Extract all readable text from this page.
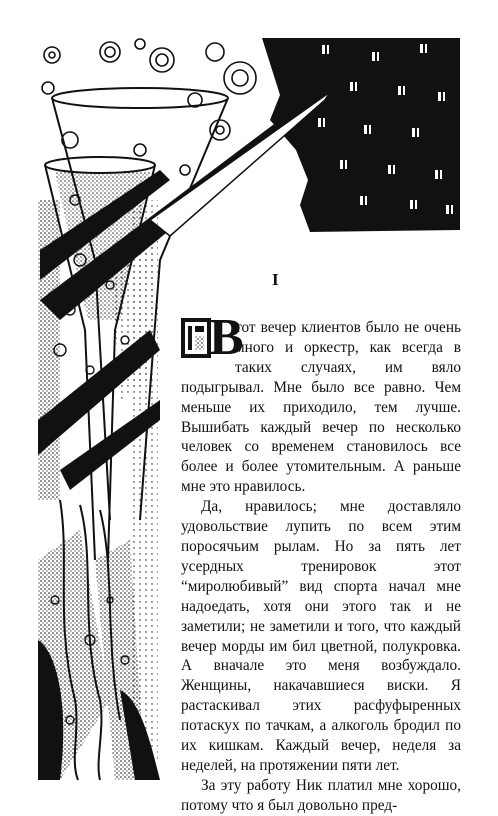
I

В
тот вечер клиентов было не очень много и оркестр, как всегда в таких случаях, им вяло подыгрывал. Мне было все равно. Чем меньше их приходило, тем лучше. Вышибать каждый вечер по несколько человек со временем становилось все более и более утомительным. А раньше мне это нравилось.

Да, нравилось; мне доставляло удовольствие лупить по всем этим поросячьим рылам. Но за пять лет усердных тренировок этот “миролюбивый” вид спорта начал мне надоедать, хотя они этого так и не заметили; не заметили и того, что каждый вечер морды им бил цветной, полукровка. А вначале это меня возбуждало. Женщины, накачавшиеся виски. Я растаскивал этих расфуфыренных потаскух по тачкам, а алкоголь бродил по их кишкам. Каждый вечер, неделя за неделей, на протяжении пяти лет.

За эту работу Ник платил мне хорошо, потому что я был довольно пред-
